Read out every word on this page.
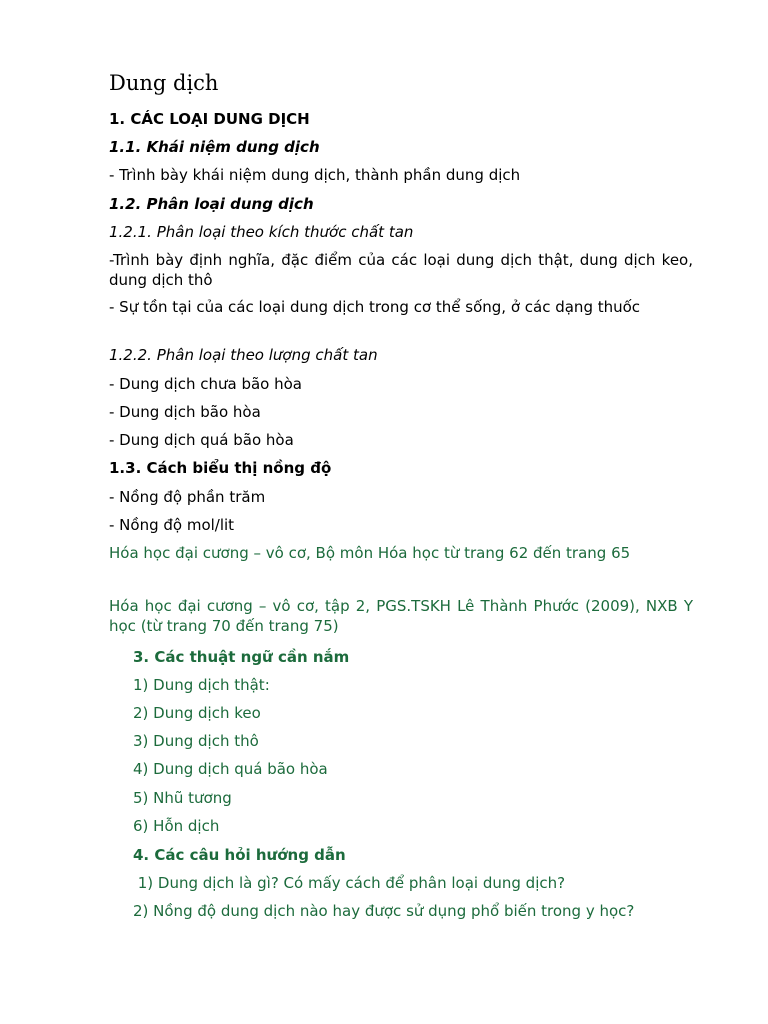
Dung dịch
1. CÁC LOẠI DUNG DỊCH
1.1. Khái niệm dung dịch
- Trình bày khái niệm dung dịch, thành phần dung dịch
1.2. Phân loại dung dịch
1.2.1. Phân loại theo kích thước chất tan

-Trình bày định nghĩa, đặc điểm của các loại dung dịch thật, dung dịch keo, dung dịch thô

- Sự tồn tại của các loại dung dịch trong cơ thể sống, ở các dạng thuốc

1.2.2. Phân loại theo lượng chất tan
- Dung dịch chưa bão hòa
- Dung dịch bão hòa
- Dung dịch quá bão hòa
1.3. Cách biểu thị nồng độ
- Nồng độ phần trăm
- Nồng độ mol/lit

Hóa học đại cương – vô cơ, Bộ môn Hóa học từ trang 62 đến trang 65

Hóa học đại cương – vô cơ, tập 2, PGS.TSKH Lê Thành Phước (2009), NXB Y học (từ trang 70 đến trang 75)

3. Các thuật ngữ cần nắm
1) Dung dịch thật:
2) Dung dịch keo
3) Dung dịch thô
4) Dung dịch quá bão hòa
5) Nhũ tương
6) Hỗn dịch
4. Các câu hỏi hướng dẫn
1) Dung dịch là gì? Có mấy cách để phân loại dung dịch?

2) Nồng độ dung dịch nào hay được sử dụng phổ biến trong y học?
